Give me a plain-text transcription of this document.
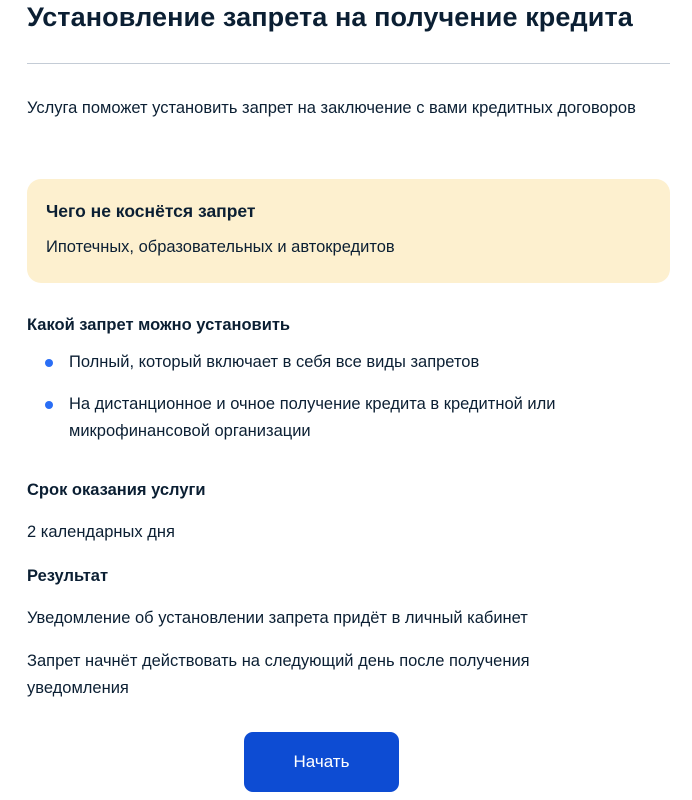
Установление запрета на получение кредита

Услуга поможет установить запрет на заключение с вами кредитных договоров

Чего не коснётся запрет
Ипотечных, образовательных и автокредитов
Какой запрет можно установить
Полный, который включает в себя все виды запретов
На дистанционное и очное получение кредита в кредитной или микрофинансовой организации
Срок оказания услуги
2 календарных дня
Результат
Уведомление об установлении запрета придёт в личный кабинет
Запрет начнёт действовать на следующий день после получения уведомления
Начать
